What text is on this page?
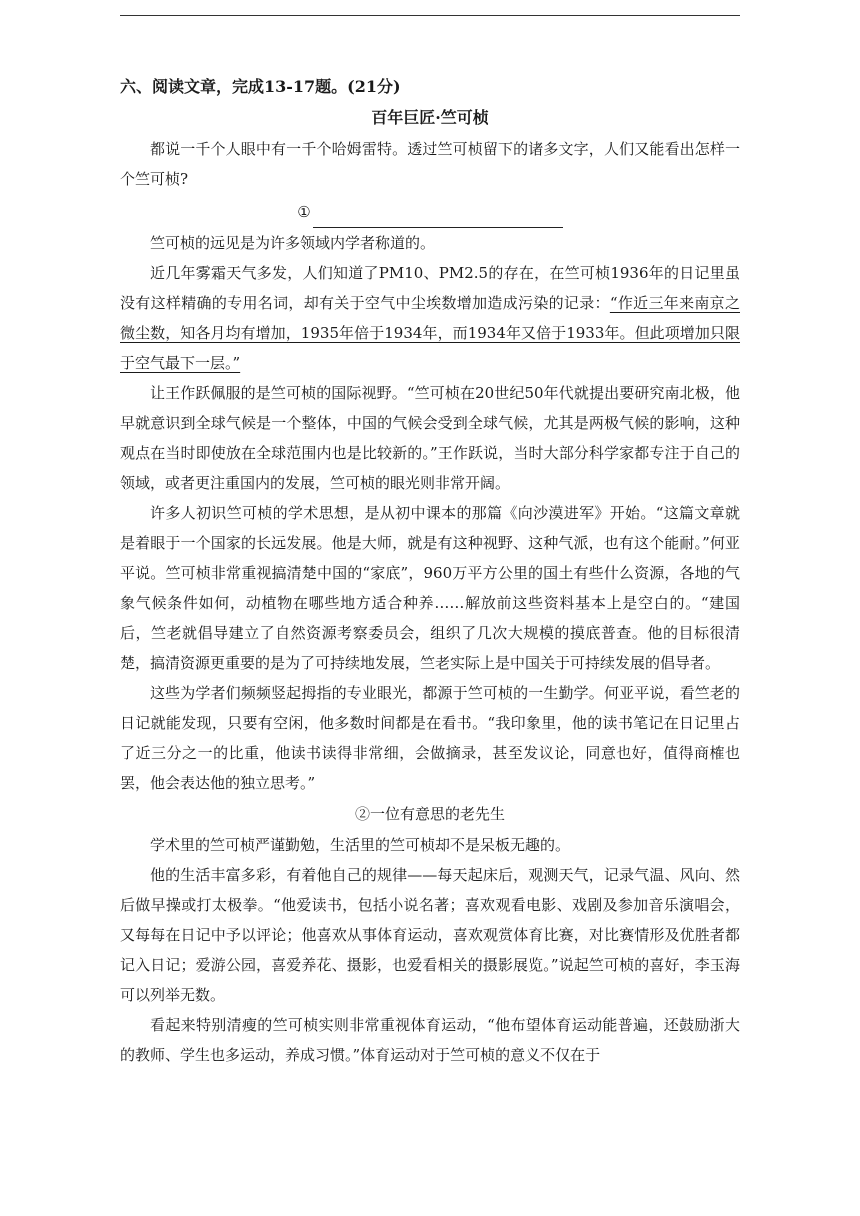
六、阅读文章，完成13-17题。(21分)

百年巨匠·竺可桢

都说一千个人眼中有一千个哈姆雷特。透过竺可桢留下的诸多文字，人们又能看出怎样一个竺可桢?

①

竺可桢的远见是为许多领域内学者称道的。

近几年雾霜天气多发，人们知道了PM10、PM2.5的存在，在竺可桢1936年的日记里虽没有这样精确的专用名词，却有关于空气中尘埃数增加造成污染的记录：“作近三年来南京之微尘数，知各月均有增加，1935年倍于1934年，而1934年又倍于1933年。但此项增加只限于空气最下一层。”

让王作跃佩服的是竺可桢的国际视野。“竺可桢在20世纪50年代就提出要研究南北极，他早就意识到全球气候是一个整体，中国的气候会受到全球气候，尤其是两极气候的影响，这种观点在当时即使放在全球范围内也是比较新的。”王作跃说，当时大部分科学家都专注于自己的领域，或者更注重国内的发展，竺可桢的眼光则非常开阔。

许多人初识竺可桢的学术思想，是从初中课本的那篇《向沙漠进军》开始。“这篇文章就是着眼于一个国家的长远发展。他是大师，就是有这种视野、这种气派，也有这个能耐。”何亚平说。竺可桢非常重视搞清楚中国的“家底”，960万平方公里的国土有些什么资源，各地的气象气候条件如何，动植物在哪些地方适合种养……解放前这些资料基本上是空白的。“建国后，竺老就倡导建立了自然资源考察委员会，组织了几次大规模的摸底普查。他的目标很清楚，搞清资源更重要的是为了可持续地发展，竺老实际上是中国关于可持续发展的倡导者。

这些为学者们频频竖起拇指的专业眼光，都源于竺可桢的一生勤学。何亚平说，看竺老的日记就能发现，只要有空闲，他多数时间都是在看书。“我印象里，他的读书笔记在日记里占了近三分之一的比重，他读书读得非常细，会做摘录，甚至发议论，同意也好，值得商榷也罢，他会表达他的独立思考。”

②一位有意思的老先生

学术里的竺可桢严谨勤勉，生活里的竺可桢却不是呆板无趣的。

他的生活丰富多彩，有着他自己的规律——每天起床后，观测天气，记录气温、风向、然后做早操或打太极拳。“他爱读书，包括小说名著；喜欢观看电影、戏剧及参加音乐演唱会，又每每在日记中予以评论；他喜欢从事体育运动，喜欢观赏体育比赛，对比赛情形及优胜者都记入日记；爱游公园，喜爱养花、摄影，也爱看相关的摄影展览。”说起竺可桢的喜好，李玉海可以列举无数。

看起来特别清瘦的竺可桢实则非常重视体育运动，“他布望体育运动能普遍，还鼓励浙大的教师、学生也多运动，养成习惯。”体育运动对于竺可桢的意义不仅在于
